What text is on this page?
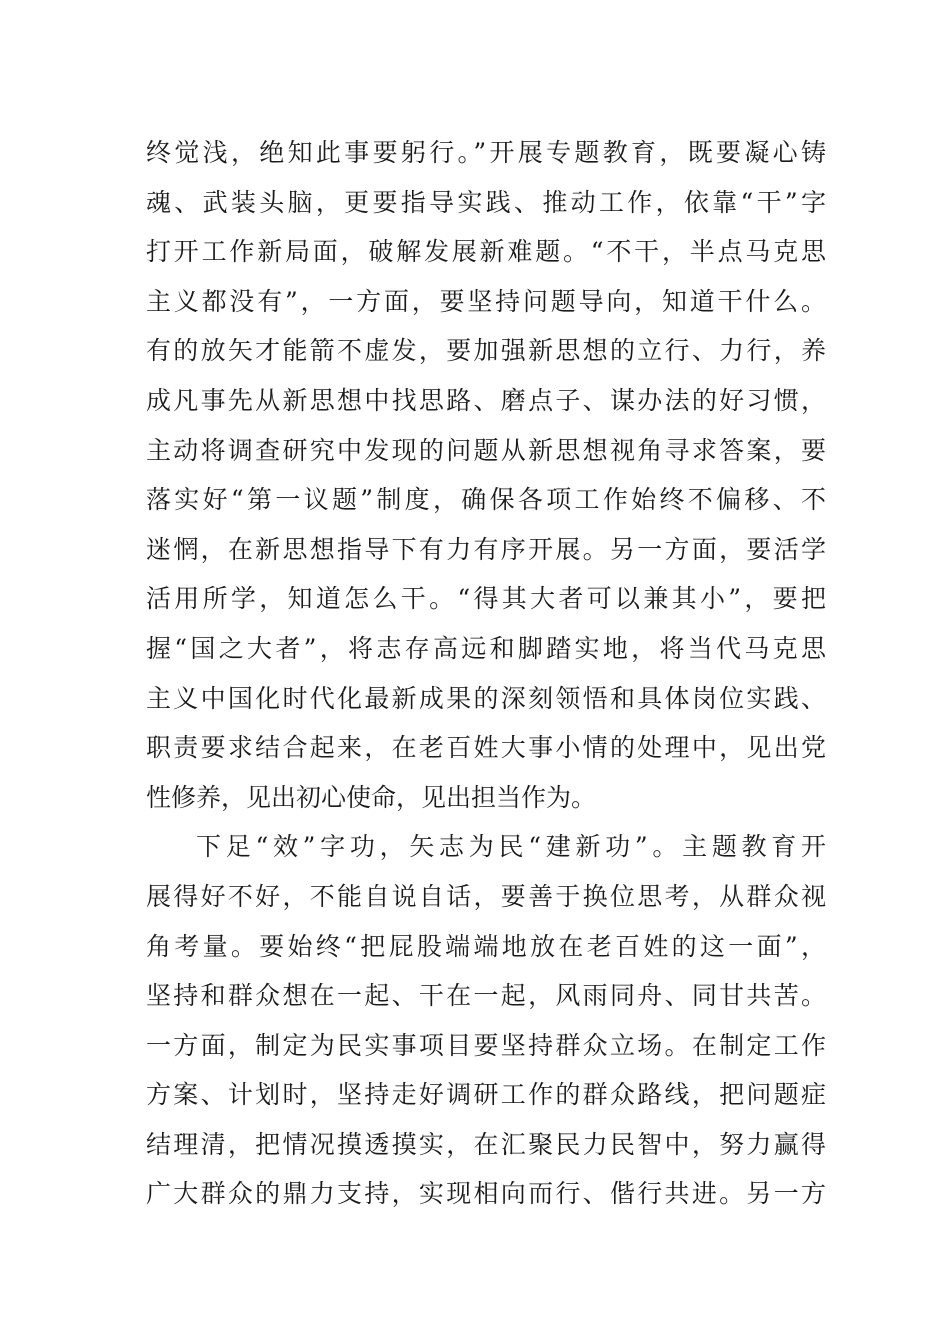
终觉浅，绝知此事要躬行。”开展专题教育，既要凝心铸
魂、武装头脑，更要指导实践、推动工作，依靠“干”字
打开工作新局面，破解发展新难题。“不干，半点马克思
主义都没有”，一方面，要坚持问题导向，知道干什么。
有的放矢才能箭不虚发，要加强新思想的立行、力行，养
成凡事先从新思想中找思路、磨点子、谋办法的好习惯，
主动将调查研究中发现的问题从新思想视角寻求答案，要
落实好“第一议题”制度，确保各项工作始终不偏移、不
迷惘，在新思想指导下有力有序开展。另一方面，要活学
活用所学，知道怎么干。“得其大者可以兼其小”，要把
握“国之大者”，将志存高远和脚踏实地，将当代马克思
主义中国化时代化最新成果的深刻领悟和具体岗位实践、
职责要求结合起来，在老百姓大事小情的处理中，见出党
性修养，见出初心使命，见出担当作为。
下足“效”字功，矢志为民“建新功”。主题教育开
展得好不好，不能自说自话，要善于换位思考，从群众视
角考量。要始终“把屁股端端地放在老百姓的这一面”，
坚持和群众想在一起、干在一起，风雨同舟、同甘共苦。
一方面，制定为民实事项目要坚持群众立场。在制定工作
方案、计划时，坚持走好调研工作的群众路线，把问题症
结理清，把情况摸透摸实，在汇聚民力民智中，努力赢得
广大群众的鼎力支持，实现相向而行、偕行共进。另一方
